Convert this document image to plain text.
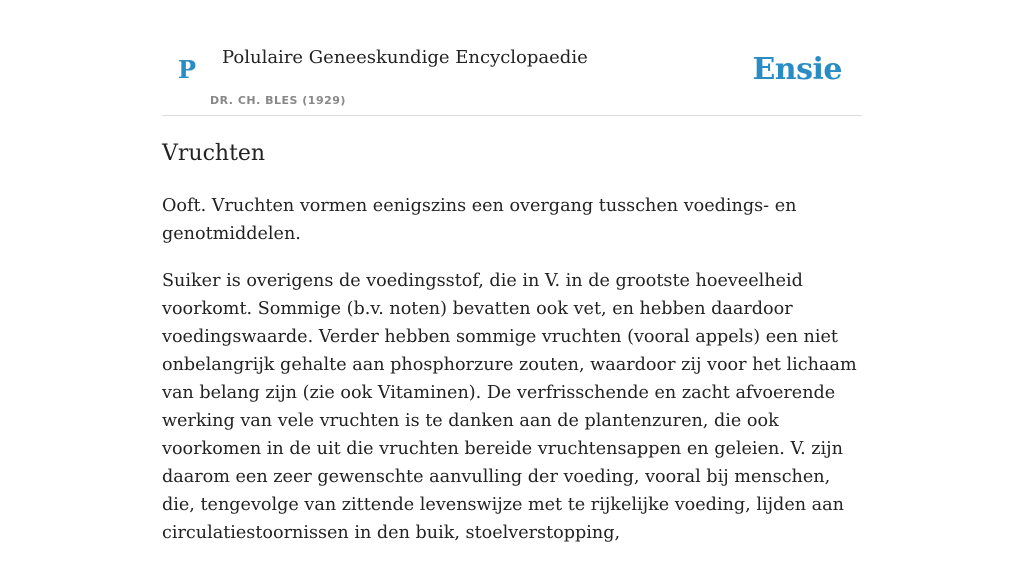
P Polulaire Geneeskundige Encyclopaedie
DR. CH. BLES (1929)
Ensie
Vruchten

Ooft. Vruchten vormen eenigszins een overgang tusschen voedings- en genotmiddelen.

Suiker is overigens de voedingsstof, die in V. in de grootste hoeveelheid voorkomt. Sommige (b.v. noten) bevatten ook vet, en hebben daardoor voedingswaarde. Verder hebben sommige vruchten (vooral appels) een niet onbelangrijk gehalte aan phosphorzure zouten, waardoor zij voor het lichaam van belang zijn (zie ook Vitaminen). De verfrisschende en zacht afvoerende werking van vele vruchten is te danken aan de plantenzuren, die ook voorkomen in de uit die vruchten bereide vruchtensappen en geleien. V. zijn daarom een zeer gewenschte aanvulling der voeding, vooral bij menschen, die, tengevolge van zittende levenswijze met te rijkelijke voeding, lijden aan circulatiestoornissen in den buik, stoelverstopping,
